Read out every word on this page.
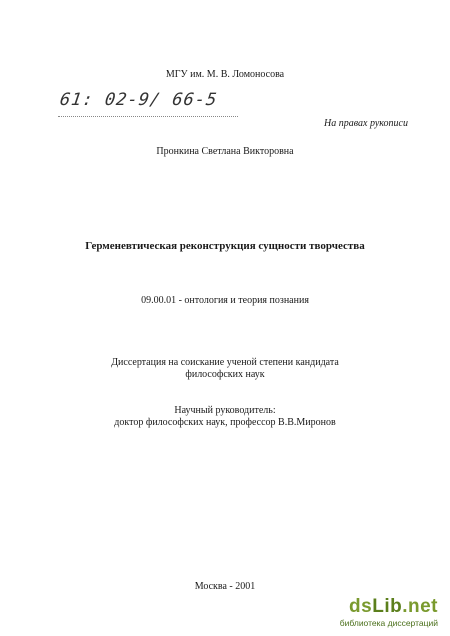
МГУ им. М. В. Ломоносова
61: 02-9/ 66-5
На правах рукописи
Пронкина Светлана Викторовна
Герменевтическая реконструкция сущности творчества
09.00.01 - онтология и теория познания
Диссертация на соискание ученой степени кандидата
философских наук
Научный руководитель:
доктор философских наук, профессор В.В.Миронов
Москва - 2001
dsLib.net
библиотека диссертаций
